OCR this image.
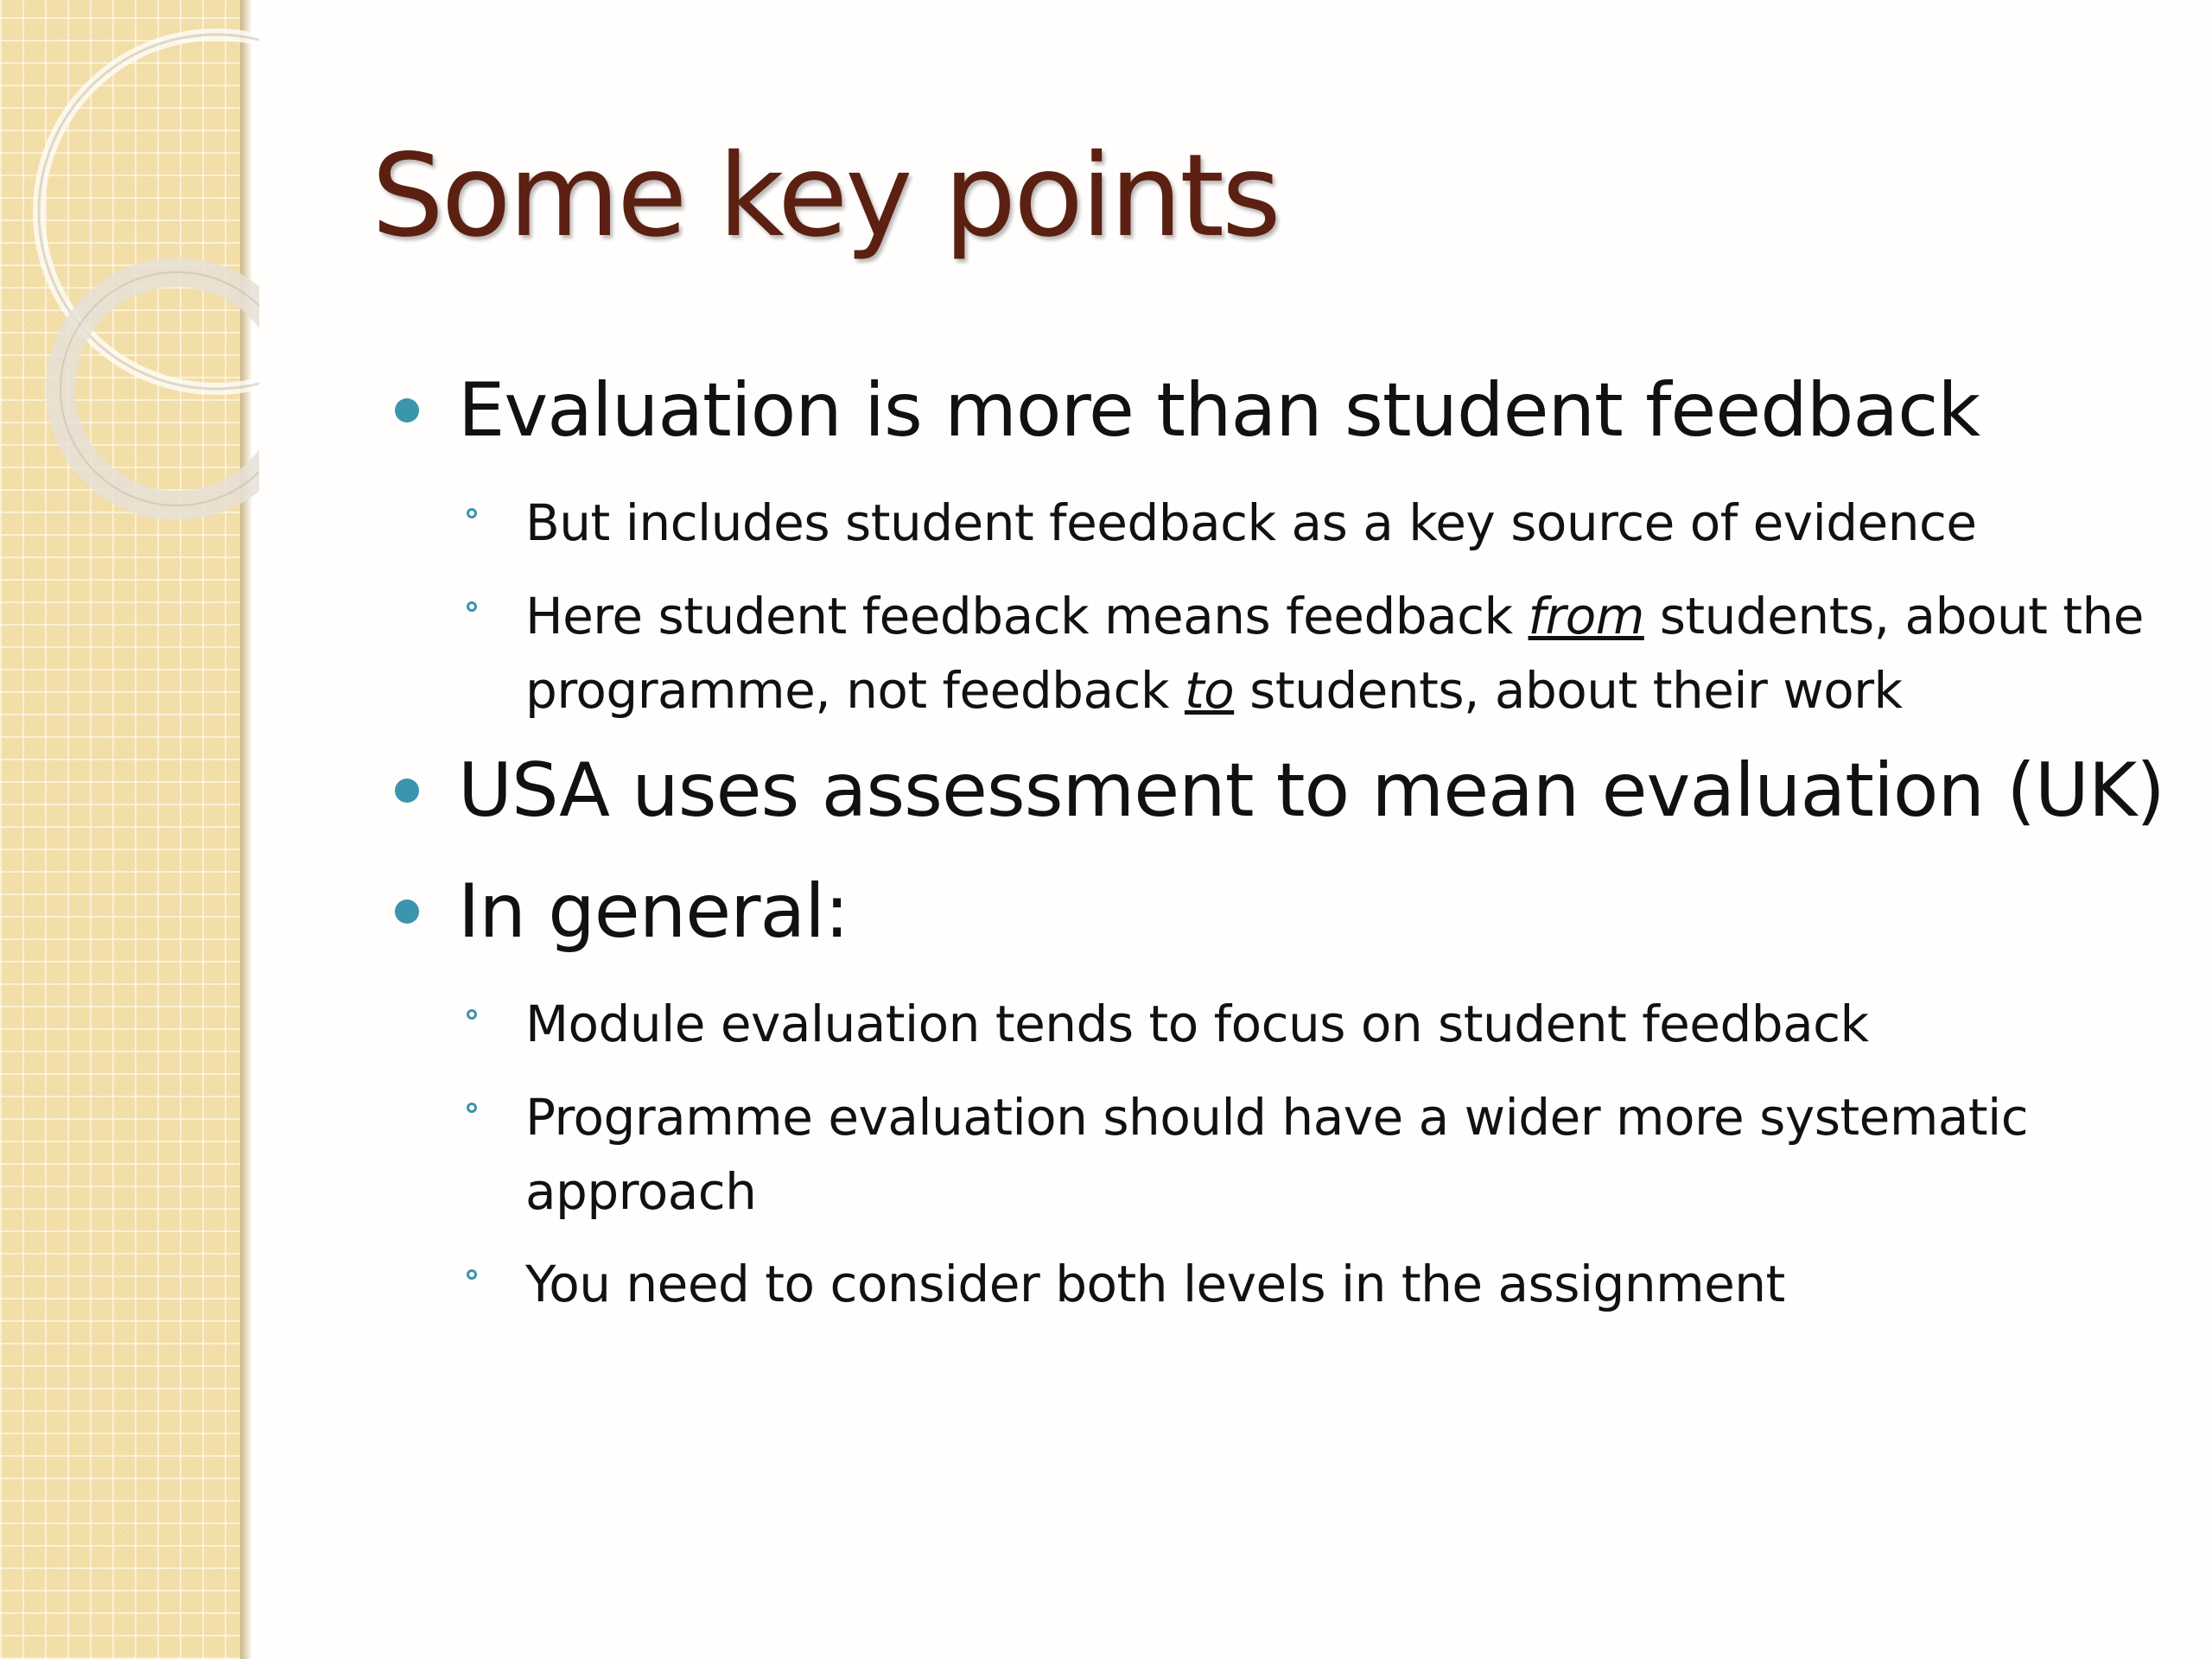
Some key points
Evaluation is more than student feedback
But includes student feedback as a key source of evidence
Here student feedback means feedback from students, about the
programme, not feedback to students, about their work
USA uses assessment to mean evaluation (UK)
In general:
Module evaluation tends to focus on student feedback
Programme evaluation should have a wider more systematic
approach
You need to consider both levels in the assignment
